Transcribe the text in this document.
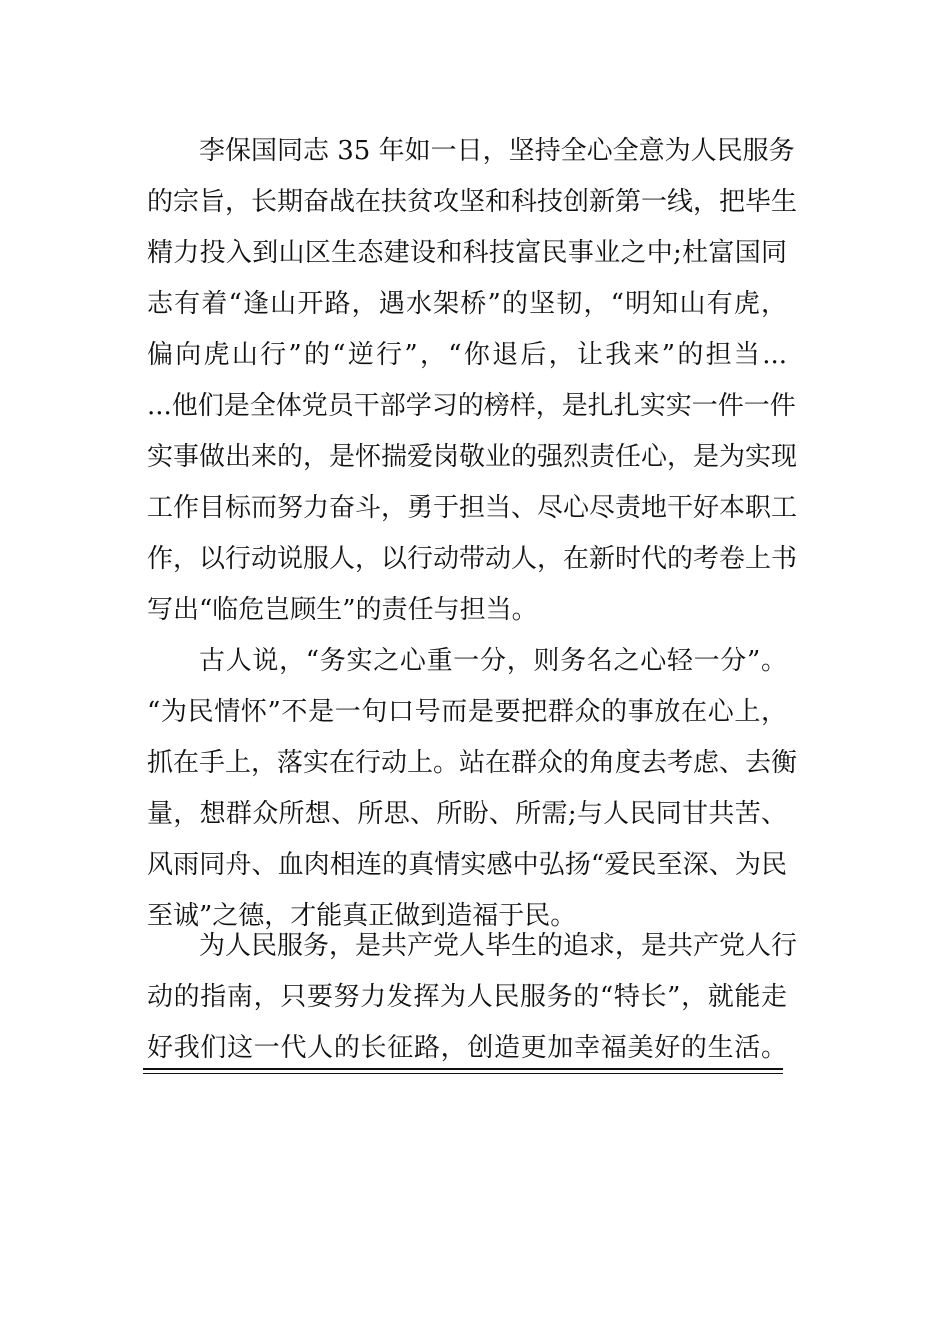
李保国同志 35 年如一日，坚持全心全意为人民服务
的宗旨，长期奋战在扶贫攻坚和科技创新第一线，把毕生
精力投入到山区生态建设和科技富民事业之中;杜富国同
志有着“逢山开路，遇水架桥”的坚韧，“明知山有虎，
偏向虎山行”的“逆行”，“你退后，让我来”的担当...
...他们是全体党员干部学习的榜样，是扎扎实实一件一件
实事做出来的，是怀揣爱岗敬业的强烈责任心，是为实现
工作目标而努力奋斗，勇于担当、尽心尽责地干好本职工
作，以行动说服人，以行动带动人，在新时代的考卷上书
写出“临危岂顾生”的责任与担当。
古人说，“务实之心重一分，则务名之心轻一分”。
“为民情怀”不是一句口号而是要把群众的事放在心上，
抓在手上，落实在行动上。站在群众的角度去考虑、去衡
量，想群众所想、所思、所盼、所需;与人民同甘共苦、
风雨同舟、血肉相连的真情实感中弘扬“爱民至深、为民
至诚”之德，才能真正做到造福于民。
为人民服务，是共产党人毕生的追求，是共产党人行
动的指南，只要努力发挥为人民服务的“特长”，就能走
好我们这一代人的长征路，创造更加幸福美好的生活。
